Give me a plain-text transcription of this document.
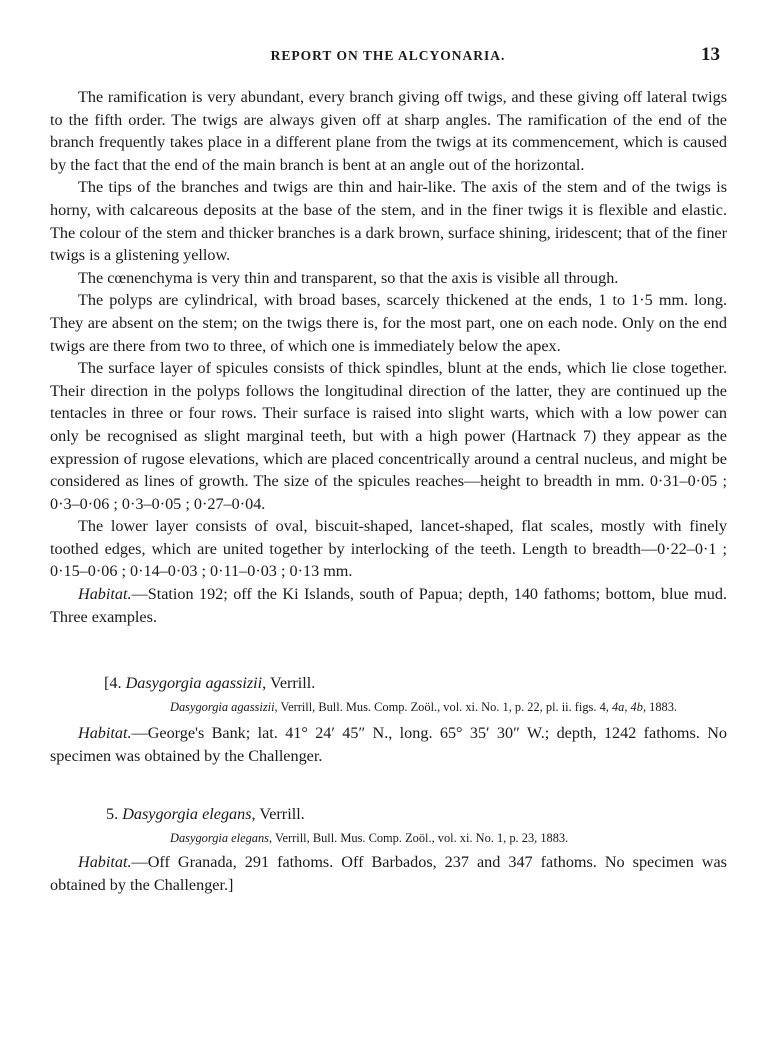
REPORT ON THE ALCYONARIA.	13

The ramification is very abundant, every branch giving off twigs, and these giving off lateral twigs to the fifth order. The twigs are always given off at sharp angles. The ramification of the end of the branch frequently takes place in a different plane from the twigs at its commencement, which is caused by the fact that the end of the main branch is bent at an angle out of the horizontal.

The tips of the branches and twigs are thin and hair-like. The axis of the stem and of the twigs is horny, with calcareous deposits at the base of the stem, and in the finer twigs it is flexible and elastic. The colour of the stem and thicker branches is a dark brown, surface shining, iridescent; that of the finer twigs is a glistening yellow.

The cœnenchyma is very thin and transparent, so that the axis is visible all through.

The polyps are cylindrical, with broad bases, scarcely thickened at the ends, 1 to 1·5 mm. long. They are absent on the stem; on the twigs there is, for the most part, one on each node. Only on the end twigs are there from two to three, of which one is immediately below the apex.

The surface layer of spicules consists of thick spindles, blunt at the ends, which lie close together. Their direction in the polyps follows the longitudinal direction of the latter, they are continued up the tentacles in three or four rows. Their surface is raised into slight warts, which with a low power can only be recognised as slight marginal teeth, but with a high power (Hartnack 7) they appear as the expression of rugose elevations, which are placed concentrically around a central nucleus, and might be considered as lines of growth. The size of the spicules reaches—height to breadth in mm. 0·31–0·05 ; 0·3–0·06 ; 0·3–0·05 ; 0·27–0·04.

The lower layer consists of oval, biscuit-shaped, lancet-shaped, flat scales, mostly with finely toothed edges, which are united together by interlocking of the teeth. Length to breadth—0·22–0·1 ; 0·15–0·06 ; 0·14–0·03 ; 0·11–0·03 ; 0·13 mm.

Habitat.—Station 192; off the Ki Islands, south of Papua; depth, 140 fathoms; bottom, blue mud. Three examples.

[4. Dasygorgia agassizii, Verrill.

Dasygorgia agassizii, Verrill, Bull. Mus. Comp. Zoöl., vol. xi. No. 1, p. 22, pl. ii. figs. 4, 4a, 4b, 1883.

Habitat.—George's Bank; lat. 41° 24′ 45″ N., long. 65° 35′ 30″ W.; depth, 1242 fathoms. No specimen was obtained by the Challenger.

5. Dasygorgia elegans, Verrill.

Dasygorgia elegans, Verrill, Bull. Mus. Comp. Zoöl., vol. xi. No. 1, p. 23, 1883.

Habitat.—Off Granada, 291 fathoms. Off Barbados, 237 and 347 fathoms. No specimen was obtained by the Challenger.]
